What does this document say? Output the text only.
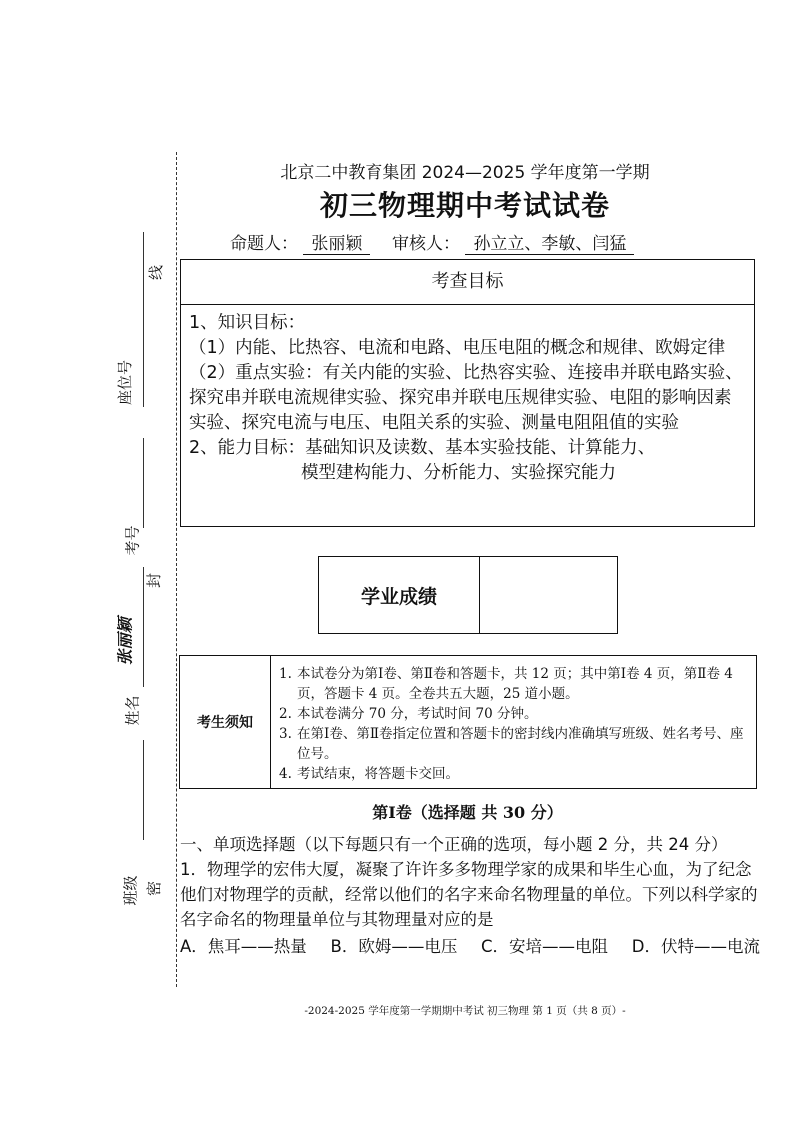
线
座位号
考号
封
张丽颖
姓名
班级 密
北京二中教育集团 2024—2025 学年度第一学期
初三物理期中考试试卷
命题人： 张丽颖 审核人： 孙立立、李敏、闫猛
考查目标

1、知识目标：

（1）内能、比热容、电流和电路、电压电阻的概念和规律、欧姆定律

（2）重点实验：有关内能的实验、比热容实验、连接串并联电路实验、探究串并联电流规律实验、探究串并联电压规律实验、电阻的影响因素实验、探究电流与电压、电阻关系的实验、测量电阻阻值的实验

2、能力目标：基础知识及读数、基本实验技能、计算能力、

模型建构能力、分析能力、实验探究能力

学业成绩
考生须知
1. 本试卷分为第Ⅰ卷、第Ⅱ卷和答题卡，共 12 页；其中第Ⅰ卷 4 页，第Ⅱ卷 4 页，答题卡 4 页。全卷共五大题，25 道小题。
2. 本试卷满分 70 分，考试时间 70 分钟。
3. 在第Ⅰ卷、第Ⅱ卷指定位置和答题卡的密封线内准确填写班级、姓名考号、座位号。
4. 考试结束，将答题卡交回。
第Ⅰ卷（选择题 共 30 分）

一、单项选择题（以下每题只有一个正确的选项，每小题 2 分，共 24 分）

1．物理学的宏伟大厦，凝聚了许许多多物理学家的成果和毕生心血，为了纪念他们对物理学的贡献，经常以他们的名字来命名物理量的单位。下列以科学家的名字命名的物理量单位与其物理量对应的是

A．焦耳——热量 B．欧姆——电压 C．安培——电阻 D．伏特——电流
-2024-2025 学年度第一学期期中考试 初三物理 第 1 页（共 8 页）-
